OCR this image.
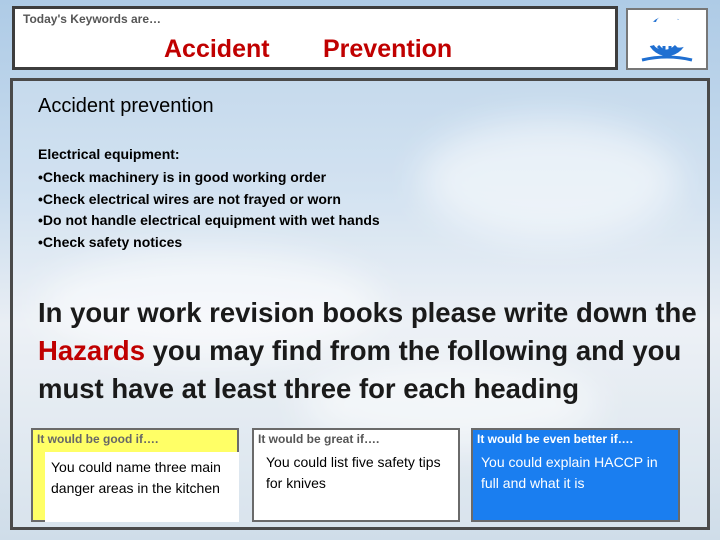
Today's Keywords are…
Accident Prevention
Accident prevention
Electrical equipment:
•Check machinery is in good working order
•Check electrical wires are not frayed or worn
•Do not handle electrical equipment with wet hands
•Check safety notices
In your work revision books please write down the Hazards you may find from the following and you must have at least three for each heading
It would be good if….
You could name three main danger areas in the kitchen
It would be great if….
You could list five safety tips for knives
It would be even better if….
You could explain HACCP in full and what it is
